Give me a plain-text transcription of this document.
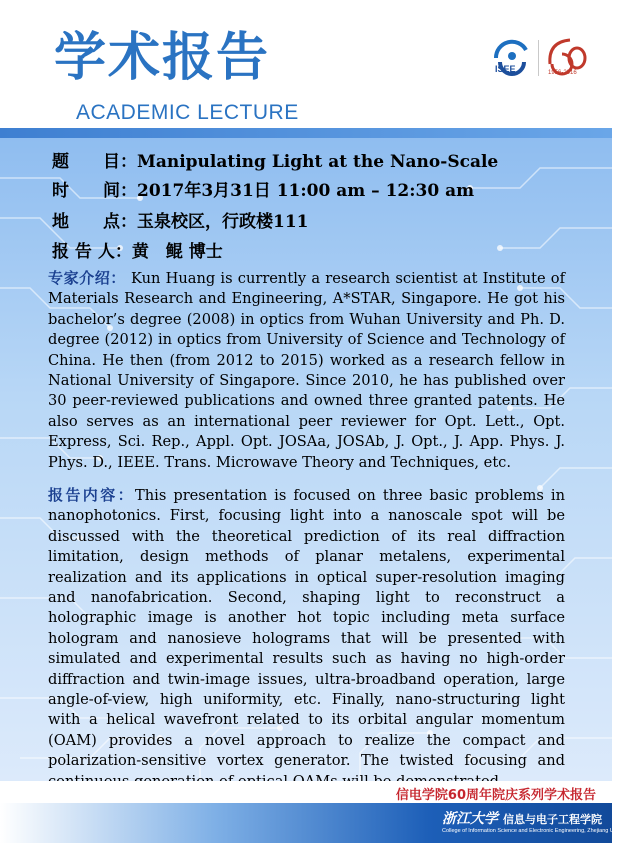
学术报告
ACADEMIC LECTURE
ISEE	1956-2016
题　　目：Manipulating Light at the Nano-Scale
时　　间：2017年3月31日 11:00 am – 12:30 am
地　　点：玉泉校区，行政楼111
报 告 人：黄　鲲 博士
专家介绍： Kun Huang is currently a research scientist at Institute of Materials Research and Engineering, A*STAR, Singapore. He got his bachelor’s degree (2008) in optics from Wuhan University and Ph. D. degree (2012) in optics from University of Science and Technology of China. He then (from 2012 to 2015) worked as a research fellow in National University of Singapore. Since 2010, he has published over 30 peer-reviewed publications and owned three granted patents. He also serves as an international peer reviewer for Opt. Lett., Opt. Express, Sci. Rep., Appl. Opt. JOSAa, JOSAb, J. Opt., J. App. Phys. J. Phys. D., IEEE. Trans. Microwave Theory and Techniques, etc.
报告内容：This presentation is focused on three basic problems in nanophotonics. First, focusing light into a nanoscale spot will be discussed with the theoretical prediction of its real diffraction limitation, design methods of planar metalens, experimental realization and its applications in optical super-resolution imaging and nanofabrication. Second, shaping light to reconstruct a holographic image is another hot topic including meta surface hologram and nanosieve holograms that will be presented with simulated and experimental results such as having no high-order diffraction and twin-image issues, ultra-broadband operation, large angle-of-view, high uniformity, etc. Finally, nano-structuring light with a helical wavefront related to its orbital angular momentum (OAM) provides a novel approach to realize the compact and polarization-sensitive vortex generator. The twisted focusing and
信电学院60周年院庆系列学术报告
浙江大学 信息与电子工程学院
College of Information Science and Electronic Engineering, Zhejiang University
